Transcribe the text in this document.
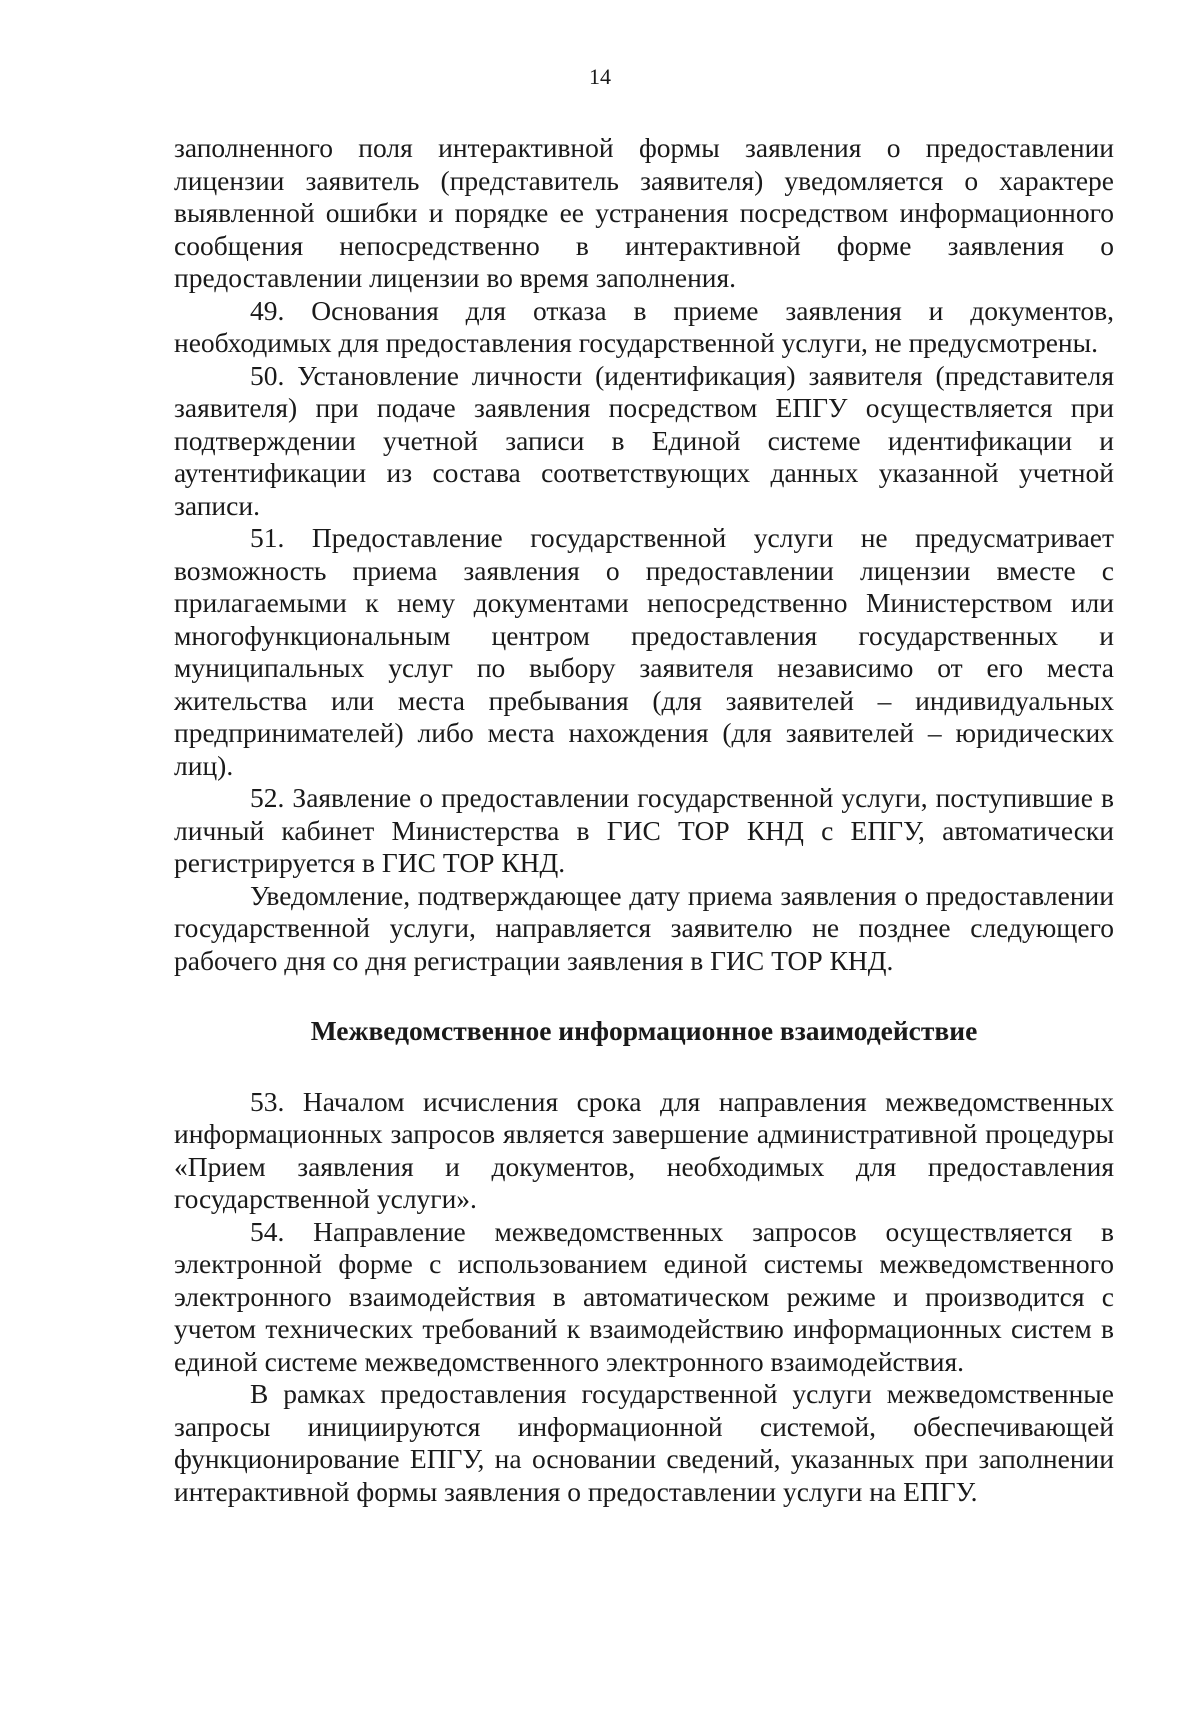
14

заполненного поля интерактивной формы заявления о предоставлении лицензии заявитель (представитель заявителя) уведомляется о характере выявленной ошибки и порядке ее устранения посредством информационного сообщения непосредственно в интерактивной форме заявления о предоставлении лицензии во время заполнения.

49. Основания для отказа в приеме заявления и документов, необходимых для предоставления государственной услуги, не предусмотрены.

50. Установление личности (идентификация) заявителя (представителя заявителя) при подаче заявления посредством ЕПГУ осуществляется при подтверждении учетной записи в Единой системе идентификации и аутентификации из состава соответствующих данных указанной учетной записи.

51. Предоставление государственной услуги не предусматривает возможность приема заявления о предоставлении лицензии вместе с прилагаемыми к нему документами непосредственно Министерством или многофункциональным центром предоставления государственных и муниципальных услуг по выбору заявителя независимо от его места жительства или места пребывания (для заявителей – индивидуальных предпринимателей) либо места нахождения (для заявителей – юридических лиц).

52. Заявление о предоставлении государственной услуги, поступившие в личный кабинет Министерства в ГИС ТОР КНД с ЕПГУ, автоматически регистрируется в ГИС ТОР КНД.

Уведомление, подтверждающее дату приема заявления о предоставлении государственной услуги, направляется заявителю не позднее следующего рабочего дня со дня регистрации заявления в ГИС ТОР КНД.

Межведомственное информационное взаимодействие

53. Началом исчисления срока для направления межведомственных информационных запросов является завершение административной процедуры «Прием заявления и документов, необходимых для предоставления государственной услуги».

54. Направление межведомственных запросов осуществляется в электронной форме с использованием единой системы межведомственного электронного взаимодействия в автоматическом режиме и производится с учетом технических требований к взаимодействию информационных систем в единой системе межведомственного электронного взаимодействия.

В рамках предоставления государственной услуги межведомственные запросы инициируются информационной системой, обеспечивающей функционирование ЕПГУ, на основании сведений, указанных при заполнении интерактивной формы заявления о предоставлении услуги на ЕПГУ.
